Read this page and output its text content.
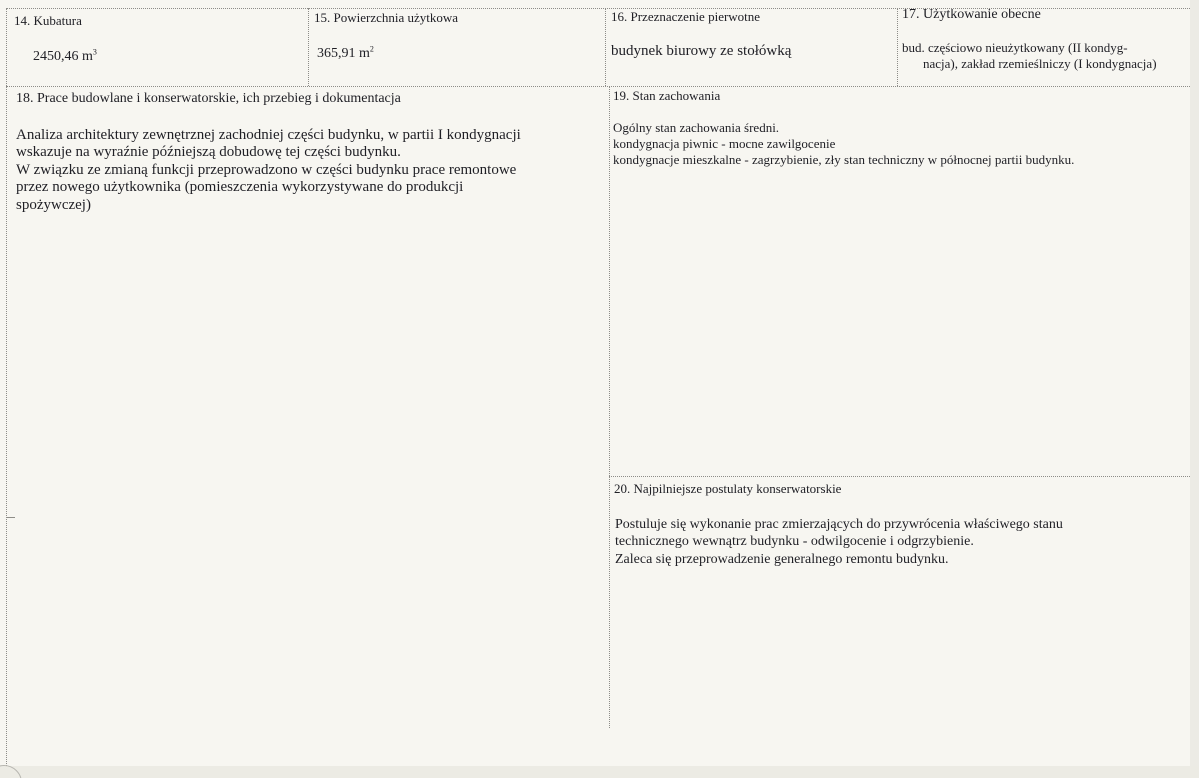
14. Kubatura
2450,46 $m^3$
15. Powierzchnia użytkowa
365,91 $m^2$
16. Przeznaczenie pierwotne
budynek biurowy ze stołówką
17. Użytkowanie obecne
bud. częściowo nieużytkowany (II kondyg-
nacja), zakład rzemieślniczy (I kondygnacja)
18. Prace budowlane i konserwatorskie, ich przebieg i dokumentacja
Analiza architektury zewnętrznej zachodniej części budynku, w partii I kondygnacji
wskazuje na wyraźnie późniejszą dobudowę tej części budynku.
W związku ze zmianą funkcji przeprowadzono w części budynku prace remontowe
przez nowego użytkownika (pomieszczenia wykorzystywane do produkcji
spożywczej)
19. Stan zachowania
Ogólny stan zachowania średni.
kondygnacja piwnic - mocne zawilgocenie
kondygnacje mieszkalne - zagrzybienie, zły stan techniczny w północnej partii budynku.
20. Najpilniejsze postulaty konserwatorskie
Postuluje się wykonanie prac zmierzających do przywrócenia właściwego stanu
technicznego wewnątrz budynku - odwilgocenie i odgrzybienie.
Zaleca się przeprowadzenie generalnego remontu budynku.
